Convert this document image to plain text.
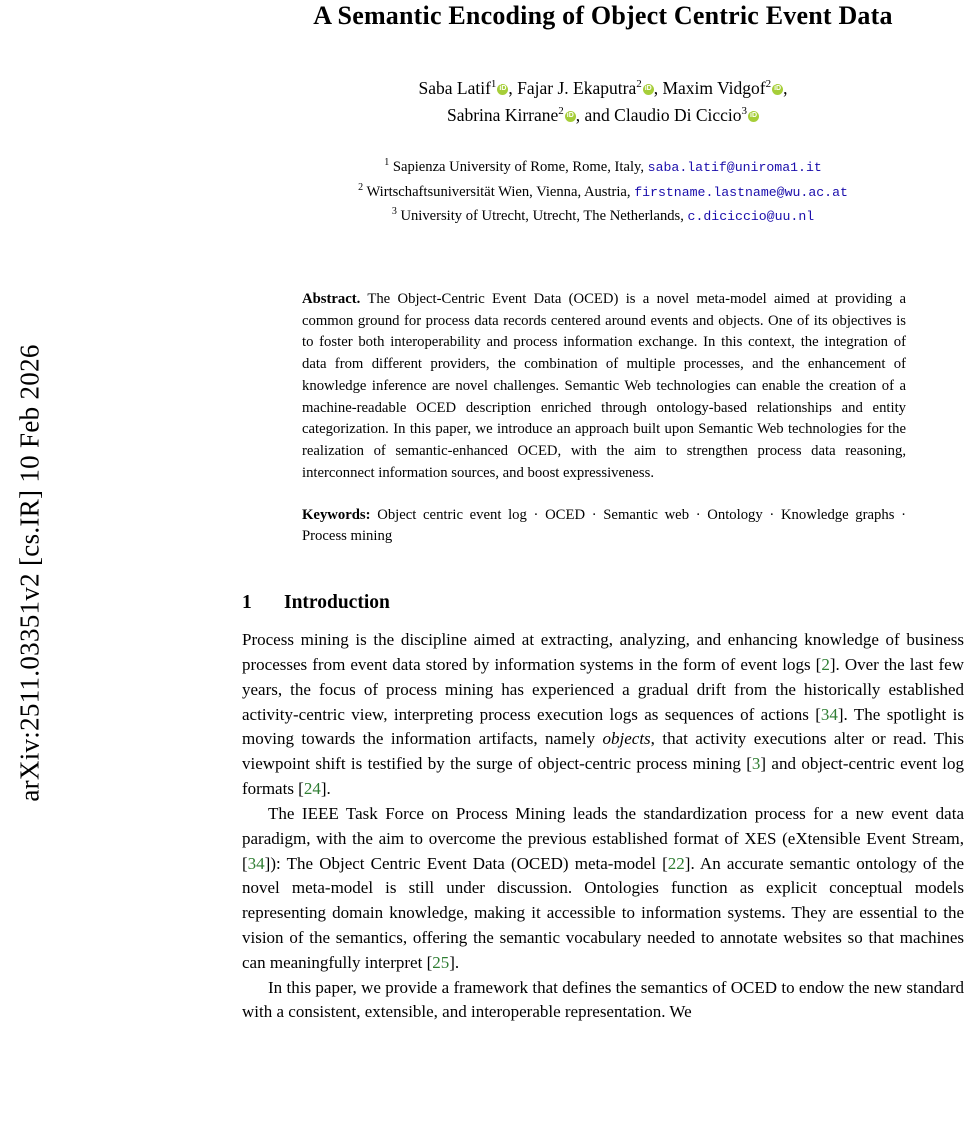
arXiv:2511.03351v2 [cs.IR] 10 Feb 2026
A Semantic Encoding of Object Centric Event Data
Saba Latif$^1$ iD , Fajar J. Ekaputra$^2$ iD , Maxim Vidgof$^2$ iD ,
Sabrina Kirrane$^2$ iD , and Claudio Di Ciccio$^3$iD
$^1$ Sapienza University of Rome, Rome, Italy, saba.latif@uniroma1.it
$^2$ Wirtschaftsuniversität Wien, Vienna, Austria, firstname.lastname@wu.ac.at
$^3$ University of Utrecht, Utrecht, The Netherlands, c.diciccio@uu.nl
Abstract. The Object-Centric Event Data (OCED) is a novel meta-model aimed at providing a common ground for process data records centered around events and objects. One of its objectives is to foster both interoperability and process information exchange. In this context, the integration of data from different providers, the combination of multiple processes, and the enhancement of knowledge inference are novel challenges. Semantic Web technologies can enable the creation of a machine-readable OCED description enriched through ontology-based relationships and entity categorization. In this paper, we introduce an approach built upon Semantic Web technologies for the realization of semantic-enhanced OCED, with the aim to strengthen process data reasoning, interconnect information sources, and boost expressiveness.
Keywords: Object centric event log · OCED · Semantic web · Ontology · Knowledge graphs · Process mining
1 Introduction

Process mining is the discipline aimed at extracting, analyzing, and enhancing knowledge of business processes from event data stored by information systems in the form of event logs [2]. Over the last few years, the focus of process mining has experienced a gradual drift from the historically established activity-centric view, interpreting process execution logs as sequences of actions [34]. The spotlight is moving towards the information artifacts, namely objects, that activity executions alter or read. This viewpoint shift is testified by the surge of object-centric process mining [3] and object-centric event log formats [24].

The IEEE Task Force on Process Mining leads the standardization process for a new event data paradigm, with the aim to overcome the previous established format of XES (eXtensible Event Stream, [34]): The Object Centric Event Data (OCED) meta-model [22]. An accurate semantic ontology of the novel meta-model is still under discussion. Ontologies function as explicit conceptual models representing domain knowledge, making it accessible to information systems. They are essential to the vision of the semantics, offering the semantic vocabulary needed to annotate websites so that machines can meaningfully interpret [25].

In this paper, we provide a framework that defines the semantics of OCED to endow the new standard with a consistent, extensible, and interoperable representation. We
